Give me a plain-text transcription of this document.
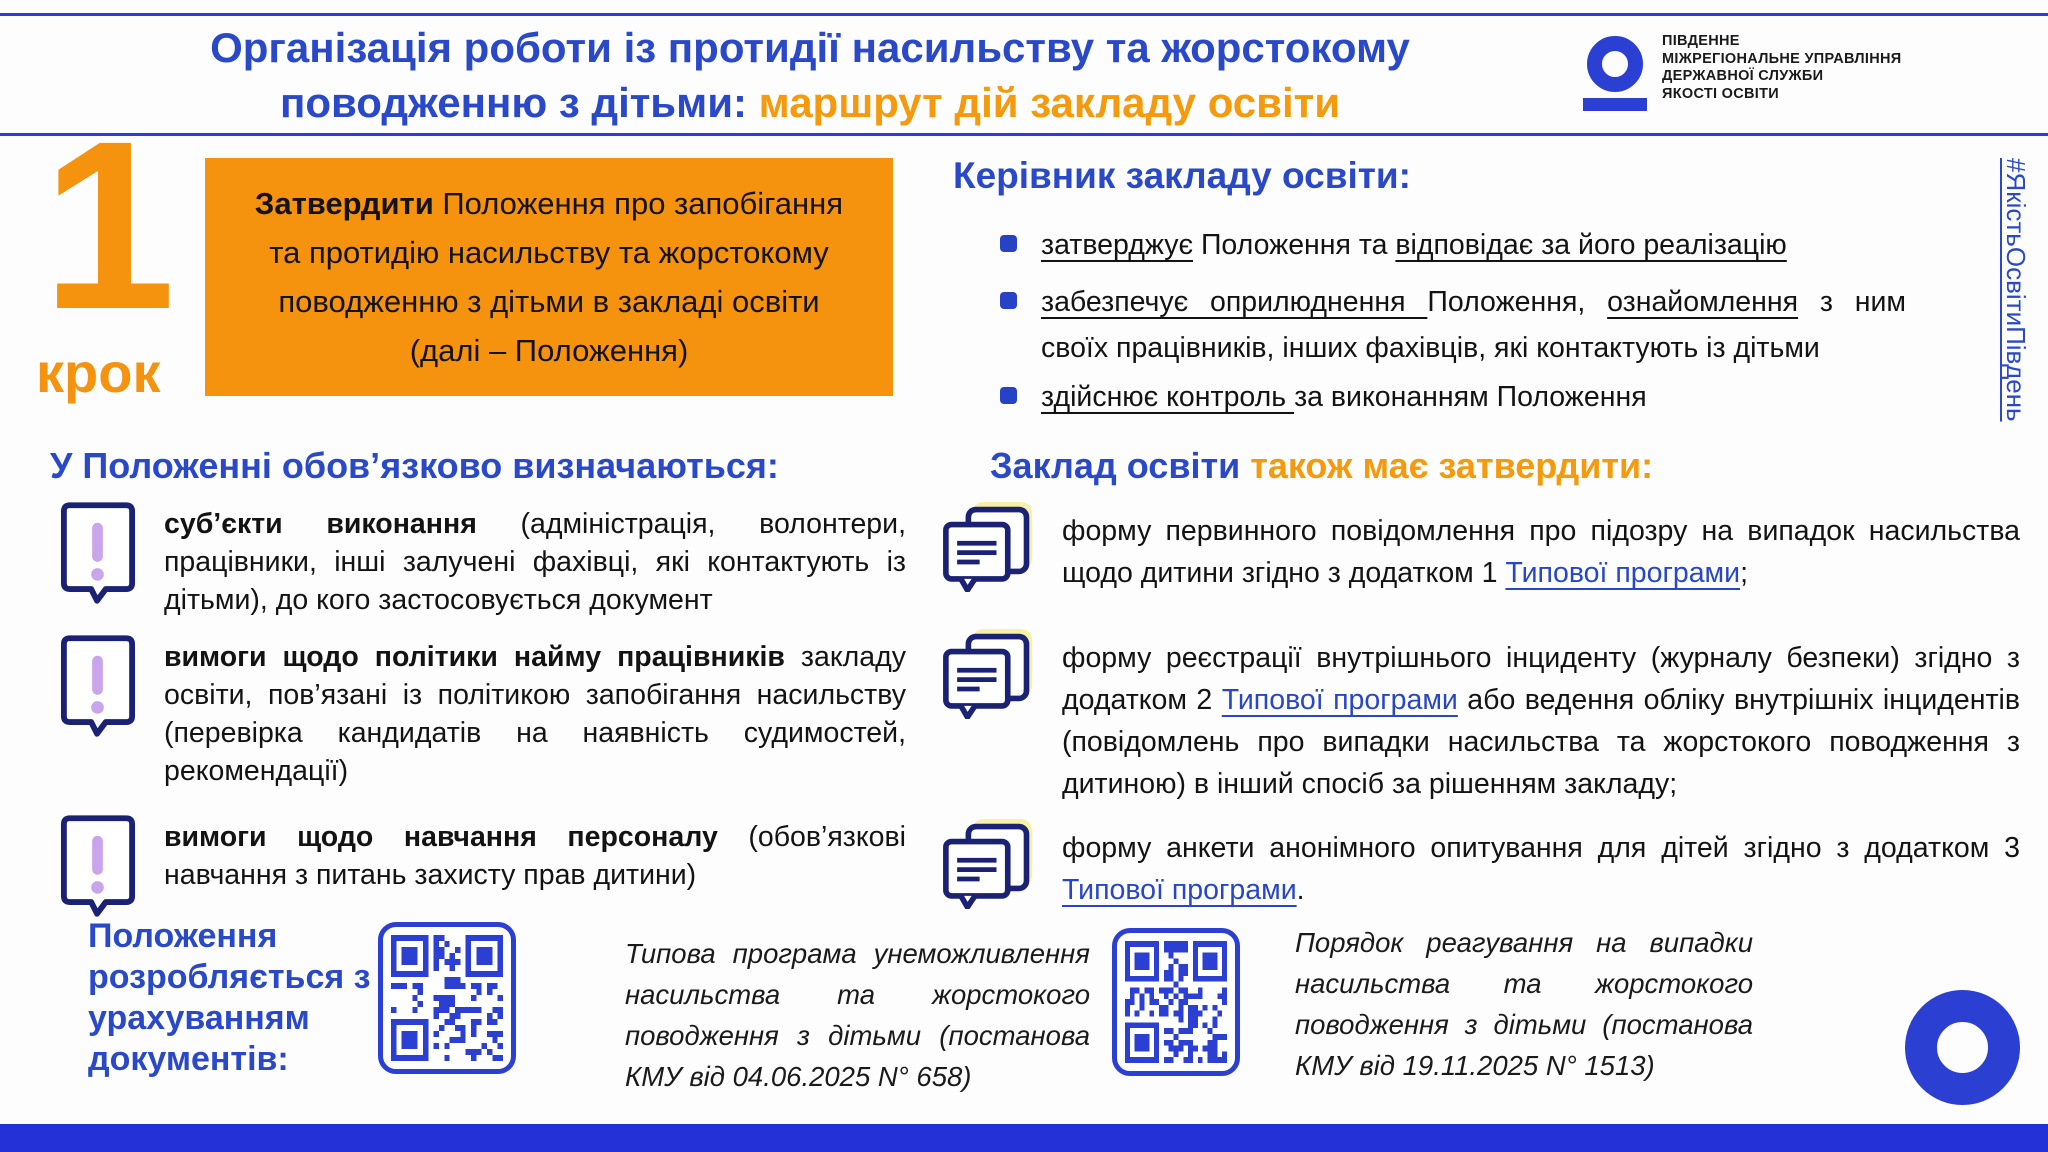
Організація роботи із протидії насильству та жорстокому
поводженню з дітьми: маршрут дій закладу освіти
ПІВДЕННЕ
МІЖРЕГІОНАЛЬНЕ УПРАВЛІННЯ
ДЕРЖАВНОЇ СЛУЖБИ
ЯКОСТІ ОСВІТИ
1
крок

Затвердити Положення про запобігання та протидію насильству та жорстокому поводженню з дітьми в закладі освіти (далі – Положення)

Керівник закладу освіти:

затверджує Положення та відповідає за його реалізацію

забезпечує оприлюднення Положення, ознайомлення з ним своїх працівників, інших фахівців, які контактують із дітьми

здійснює контроль за виконанням Положення

У Положенні обов’язково визначаються:

суб’єкти виконання (адміністрація, волонтери, працівники, інші залучені фахівці, які контактують із дітьми), до кого застосовується документ

вимоги щодо політики найму працівників закладу освіти, пов’язані із політикою запобігання насильству (перевірка кандидатів на наявність судимостей, рекомендації)

вимоги щодо навчання персоналу (обов’язкові навчання з питань захисту прав дитини)

Заклад освіти також має затвердити:

форму первинного повідомлення про підозру на випадок насильства щодо дитини згідно з додатком 1 Типової програми;

форму реєстрації внутрішнього інциденту (журналу безпеки) згідно з додатком 2 Типової програми або ведення обліку внутрішніх інцидентів (повідомлень про випадки насильства та жорстокого поводження з дитиною) в інший спосіб за рішенням закладу;

форму анкети анонімного опитування для дітей згідно з додатком 3 Типової програми.

Положення розробляється з урахуванням документів:

Типова програма унеможливлення насильства та жорстокого поводження з дітьми (постанова КМУ від 04.06.2025 N° 658)

Порядок реагування на випадки насильства та жорстокого поводження з дітьми (постанова КМУ від 19.11.2025 N° 1513)

#ЯкістьОсвітиПівдень
